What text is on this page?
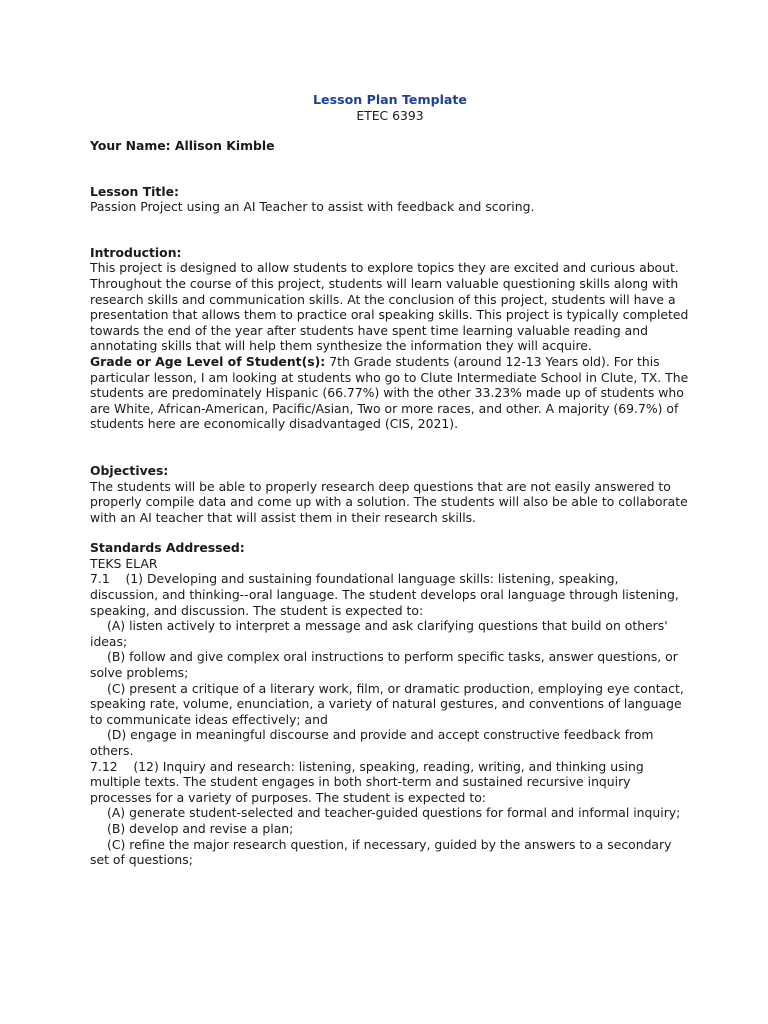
Lesson Plan Template
ETEC 6393

Your Name: Allison Kimble

Lesson Title:

Passion Project using an AI Teacher to assist with feedback and scoring.

Introduction:

This project is designed to allow students to explore topics they are excited and curious about. Throughout the course of this project, students will learn valuable questioning skills along with research skills and communication skills. At the conclusion of this project, students will have a presentation that allows them to practice oral speaking skills. This project is typically completed towards the end of the year after students have spent time learning valuable reading and annotating skills that will help them synthesize the information they will acquire.

Grade or Age Level of Student(s): 7th Grade students (around 12-13 Years old). For this particular lesson, I am looking at students who go to Clute Intermediate School in Clute, TX. The students are predominately Hispanic (66.77%) with the other 33.23% made up of students who are White, African-American, Pacific/Asian, Two or more races, and other. A majority (69.7%) of students here are economically disadvantaged (CIS, 2021).

Objectives:

The students will be able to properly research deep questions that are not easily answered to properly compile data and come up with a solution. The students will also be able to collaborate with an AI teacher that will assist them in their research skills.

Standards Addressed:

TEKS ELAR

7.1    (1) Developing and sustaining foundational language skills: listening, speaking, discussion, and thinking--oral language. The student develops oral language through listening, speaking, and discussion. The student is expected to:

(A) listen actively to interpret a message and ask clarifying questions that build on others' ideas;

(B) follow and give complex oral instructions to perform specific tasks, answer questions, or solve problems;

(C) present a critique of a literary work, film, or dramatic production, employing eye contact, speaking rate, volume, enunciation, a variety of natural gestures, and conventions of language to communicate ideas effectively; and

(D) engage in meaningful discourse and provide and accept constructive feedback from others.

7.12    (12) Inquiry and research: listening, speaking, reading, writing, and thinking using multiple texts. The student engages in both short-term and sustained recursive inquiry processes for a variety of purposes. The student is expected to:

(A) generate student-selected and teacher-guided questions for formal and informal inquiry;

(B) develop and revise a plan;

(C) refine the major research question, if necessary, guided by the answers to a secondary set of questions;
